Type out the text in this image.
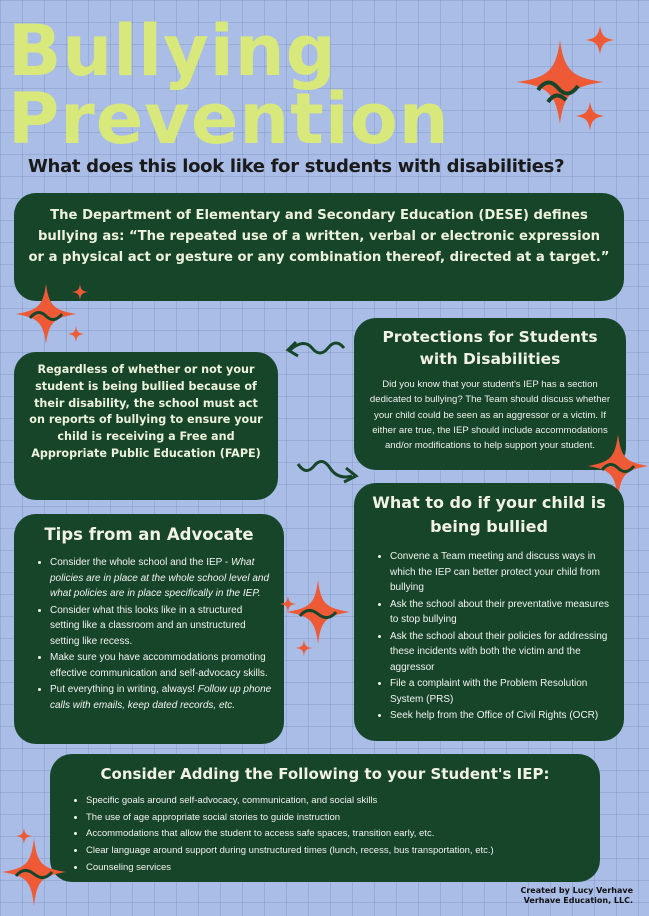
Bullying
Prevention
What does this look like for students with disabilities?

The Department of Elementary and Secondary Education (DESE) defines bullying as: “The repeated use of a written, verbal or electronic expression or a physical act or gesture or any combination thereof, directed at a target.”

Regardless of whether or not your student is being bullied because of their disability, the school must act on reports of bullying to ensure your child is receiving a Free and Appropriate Public Education (FAPE)

Protections for Students with Disabilities

Did you know that your student's IEP has a section dedicated to bullying? The Team should discuss whether your child could be seen as an aggressor or a victim. If either are true, the IEP should include accommodations and/or modifications to help support your student.

What to do if your child is being bullied
• Convene a Team meeting and discuss ways in which the IEP can better protect your child from bullying
• Ask the school about their preventative measures to stop bullying
• Ask the school about their policies for addressing these incidents with both the victim and the aggressor
• File a complaint with the Problem Resolution System (PRS)
• Seek help from the Office of Civil Rights (OCR)
Tips from an Advocate
• Consider the whole school and the IEP - What policies are in place at the whole school level and what policies are in place specifically in the IEP.
• Consider what this looks like in a structured setting like a classroom and an unstructured setting like recess.
• Make sure you have accommodations promoting effective communication and self-advocacy skills.
• Put everything in writing, always! Follow up phone calls with emails, keep dated records, etc.
Consider Adding the Following to your Student's IEP:
• Specific goals around self-advocacy, communication, and social skills
• The use of age appropriate social stories to guide instruction
• Accommodations that allow the student to access safe spaces, transition early, etc.
• Clear language around support during unstructured times (lunch, recess, bus transportation, etc.)
• Counseling services
Created by Lucy Verhave
Verhave Education, LLC.
